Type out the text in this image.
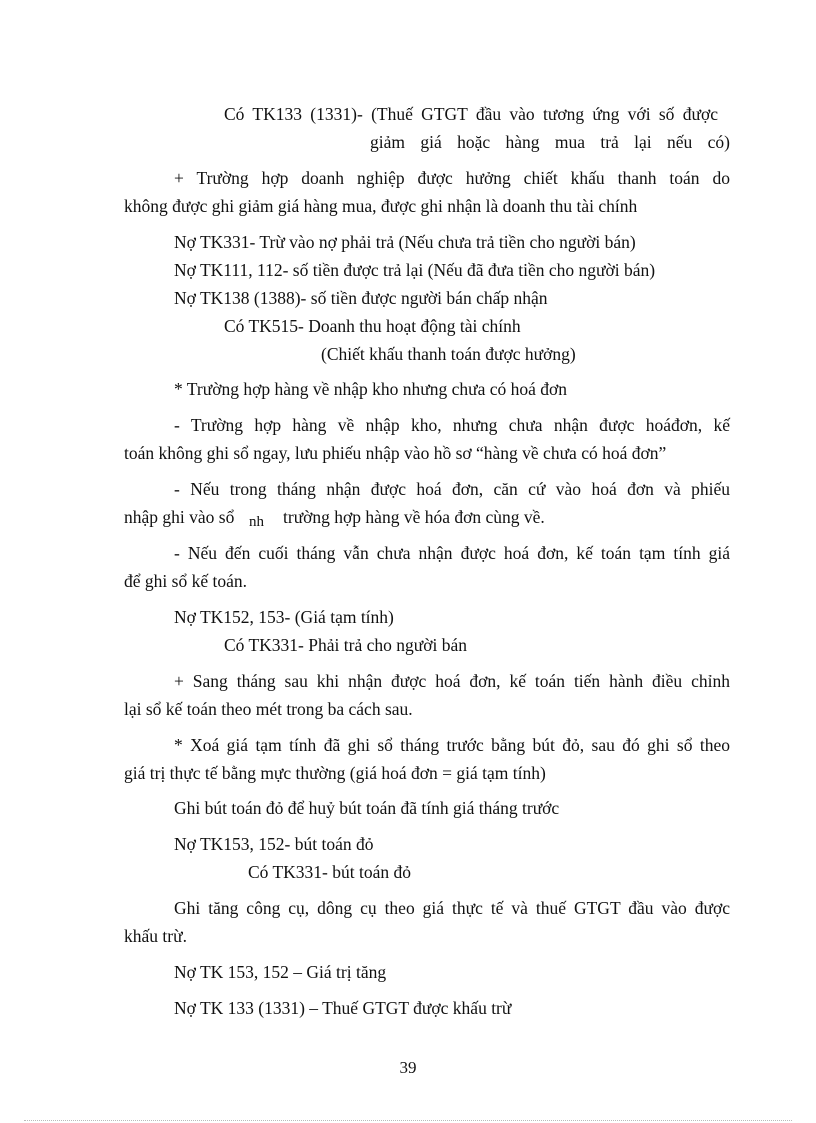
Có TK133 (1331)- (Thuế GTGT đầu vào tương ứng với số được
giảm giá hoặc hàng mua trả lại nếu có)
+ Trường hợp doanh nghiệp được hưởng chiết khấu thanh toán do
không được ghi giảm giá hàng mua, được ghi nhận là doanh thu tài chính
Nợ TK331- Trừ vào nợ phải trả (Nếu chưa trả tiền cho người bán)
Nợ TK111, 112- số tiền được trả lại (Nếu đã đưa tiền cho người bán)
Nợ TK138 (1388)- số tiền được người bán chấp nhận
Có TK515- Doanh thu hoạt động tài chính
(Chiết khấu thanh toán được hưởng)
* Trường hợp hàng về nhập kho nhưng chưa có hoá đơn
- Trường hợp hàng về nhập kho, nhưng chưa nhận được hoáđơn, kế
toán không ghi sổ ngay, lưu phiếu nhập vào hồ sơ “hàng về chưa có hoá đơn”
- Nếu trong tháng nhận được hoá đơn, căn cứ vào hoá đơn và phiếu
nhập ghi vào sổ nh trường hợp hàng về hóa đơn cùng về.
- Nếu đến cuối tháng vẫn chưa nhận được hoá đơn, kế toán tạm tính giá
để ghi sổ kế toán.
Nợ TK152, 153- (Giá tạm tính)
Có TK331- Phải trả cho người bán
+ Sang tháng sau khi nhận được hoá đơn, kế toán tiến hành điều chỉnh
lại sổ kế toán theo mét trong ba cách sau.
* Xoá giá tạm tính đã ghi sổ tháng trước bằng bút đỏ, sau đó ghi sổ theo
giá trị thực tế bằng mực thường (giá hoá đơn = giá tạm tính)
Ghi bút toán đỏ để huỷ bút toán đã tính giá tháng trước
Nợ TK153, 152- bút toán đỏ
Có TK331- bút toán đỏ
Ghi tăng công cụ, dông cụ theo giá thực tế và thuế GTGT đầu vào được
khấu trừ.
Nợ TK 153, 152 – Giá trị tăng
Nợ TK 133 (1331) – Thuế GTGT được khấu trừ
39
